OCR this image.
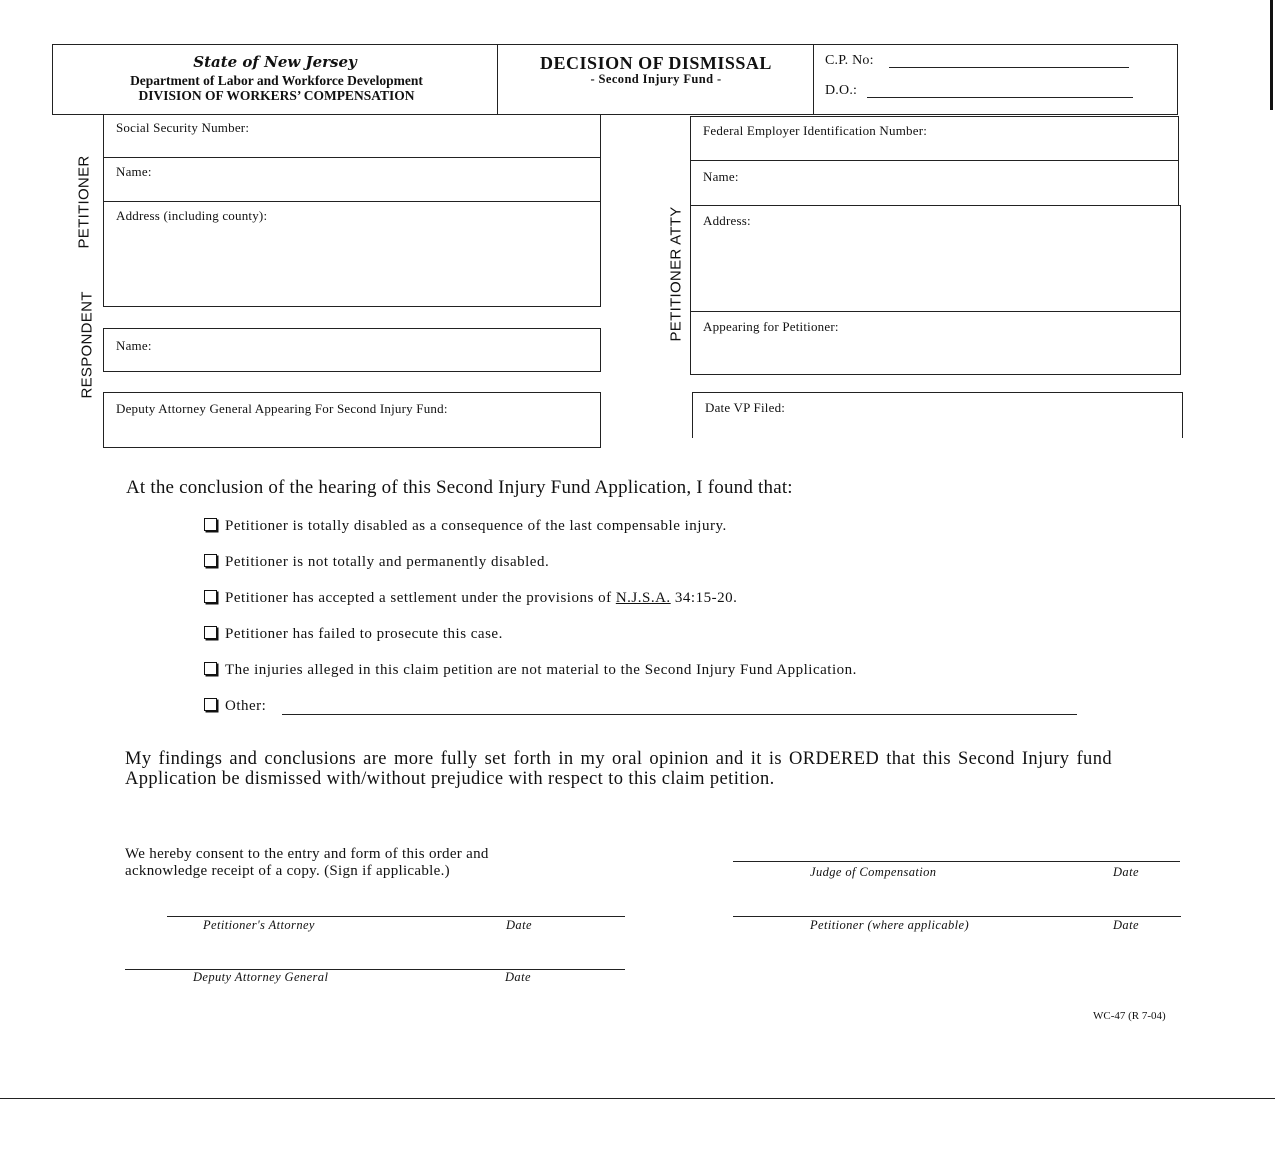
State of New Jersey
Department of Labor and Workforce Development
DIVISION OF WORKERS’ COMPENSATION
DECISION OF DISMISSAL
- Second Injury Fund -
C.P. No:
D.O.:
PETITIONER
RESPONDENT
PETITIONER ATTY
Social Security Number:
Name:
Address (including county):
Name:
Deputy Attorney General Appearing For Second Injury Fund:
Federal Employer Identification Number:
Name:
Address:
Appearing for Petitioner:
Date VP Filed:
At the conclusion of the hearing of this Second Injury Fund Application, I found that:
Petitioner is totally disabled as a consequence of the last compensable injury.
Petitioner is not totally and permanently disabled.
Petitioner has accepted a settlement under the provisions of N.J.S.A. 34:15-20.
Petitioner has failed to prosecute this case.
The injuries alleged in this claim petition are not material to the Second Injury Fund Application.
Other:
My findings and conclusions are more fully set forth in my oral opinion and it is ORDERED that this Second Injury fund Application be dismissed with/without prejudice with respect to this claim petition.
We hereby consent to the entry and form of this order and
acknowledge receipt of a copy. (Sign if applicable.)	Judge of Compensation	Date
Petitioner's Attorney	Date	Petitioner (where applicable)	Date
Deputy Attorney General	Date
WC-47 (R 7-04)
